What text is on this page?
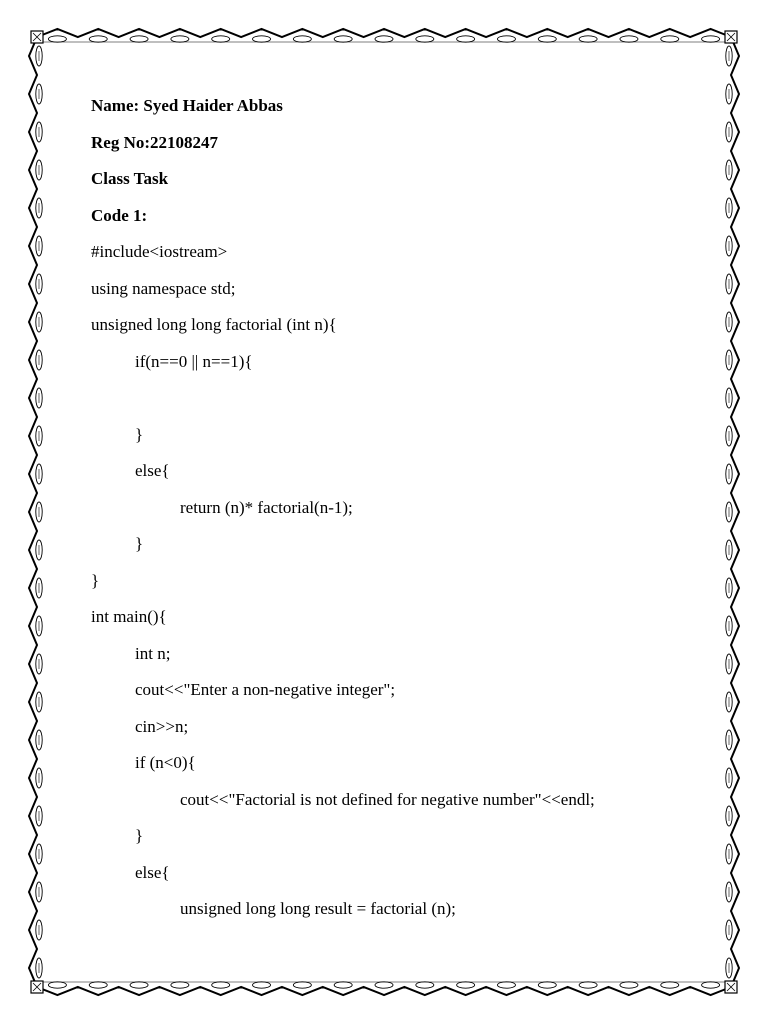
Name: Syed Haider Abbas
Reg No:22108247
Class Task
Code 1:
#include<iostream>
using namespace std;
unsigned long long factorial (int n){
if(n==0 || n==1){
}
else{
return (n)* factorial(n-1);
}
}
int main(){
int n;
cout<<"Enter a non-negative integer";
cin>>n;
if (n<0){
cout<<"Factorial is not defined for negative number"<<endl;
}
else{
unsigned long long result = factorial (n);
